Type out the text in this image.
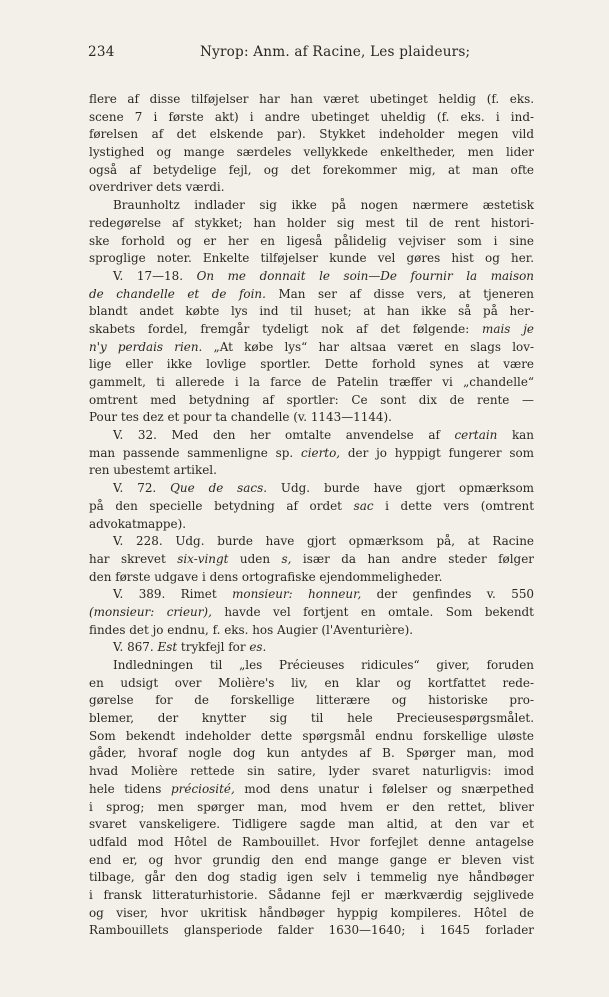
234	Nyrop: Anm. af Racine, Les plaideurs;
flere af disse tilføjelser har han været ubetinget heldig (f. eks.
scene 7 i første akt) i andre ubetinget uheldig (f. eks. i ind-
førelsen af det elskende par). Stykket indeholder megen vild
lystighed og mange særdeles vellykkede enkeltheder, men lider
også af betydelige fejl, og det forekommer mig, at man ofte
overdriver dets værdi.
Braunholtz indlader sig ikke på nogen nærmere æstetisk
redegørelse af stykket; han holder sig mest til de rent histori-
ske forhold og er her en ligeså pålidelig vejviser som i sine
sproglige noter. Enkelte tilføjelser kunde vel gøres hist og her.
V. 17—18. On me donnait le soin—De fournir la maison
de chandelle et de foin. Man ser af disse vers, at tjeneren
blandt andet købte lys ind til huset; at han ikke så på her-
skabets fordel, fremgår tydeligt nok af det følgende: mais je
n'y perdais rien. „At købe lys“ har altsaa været en slags lov-
lige eller ikke lovlige sportler. Dette forhold synes at være
gammelt, ti allerede i la farce de Patelin træffer vi „chandelle“
omtrent med betydning af sportler: Ce sont dix de rente —
Pour tes dez et pour ta chandelle (v. 1143—1144).
V. 32. Med den her omtalte anvendelse af certain kan
man passende sammenligne sp. cierto, der jo hyppigt fungerer som
ren ubestemt artikel.
V. 72. Que de sacs. Udg. burde have gjort opmærksom
på den specielle betydning af ordet sac i dette vers (omtrent
advokatmappe).
V. 228. Udg. burde have gjort opmærksom på, at Racine
har skrevet six-vingt uden s, især da han andre steder følger
den første udgave i dens ortografiske ejendommeligheder.
V. 389. Rimet monsieur: honneur, der genfindes v. 550
(monsieur: crieur), havde vel fortjent en omtale. Som bekendt
findes det jo endnu, f. eks. hos Augier (l'Aventurière).
V. 867. Est trykfejl for es.
Indledningen til „les Précieuses ridicules“ giver, foruden
en udsigt over Molière's liv, en klar og kortfattet rede-
gørelse for de forskellige litterære og historiske pro-
blemer, der knytter sig til hele Precieusespørgsmålet.
Som bekendt indeholder dette spørgsmål endnu forskellige uløste
gåder, hvoraf nogle dog kun antydes af B. Spørger man, mod
hvad Molière rettede sin satire, lyder svaret naturligvis: imod
hele tidens préciosité, mod dens unatur i følelser og snærpethed
i sprog; men spørger man, mod hvem er den rettet, bliver
svaret vanskeligere. Tidligere sagde man altid, at den var et
udfald mod Hôtel de Rambouillet. Hvor forfejlet denne antagelse
end er, og hvor grundig den end mange gange er bleven vist
tilbage, går den dog stadig igen selv i temmelig nye håndbøger
i fransk litteraturhistorie. Sådanne fejl er mærkværdig sejglivede
og viser, hvor ukritisk håndbøger hyppig kompileres. Hôtel de
Rambouillets glansperiode falder 1630—1640; i 1645 forlader
